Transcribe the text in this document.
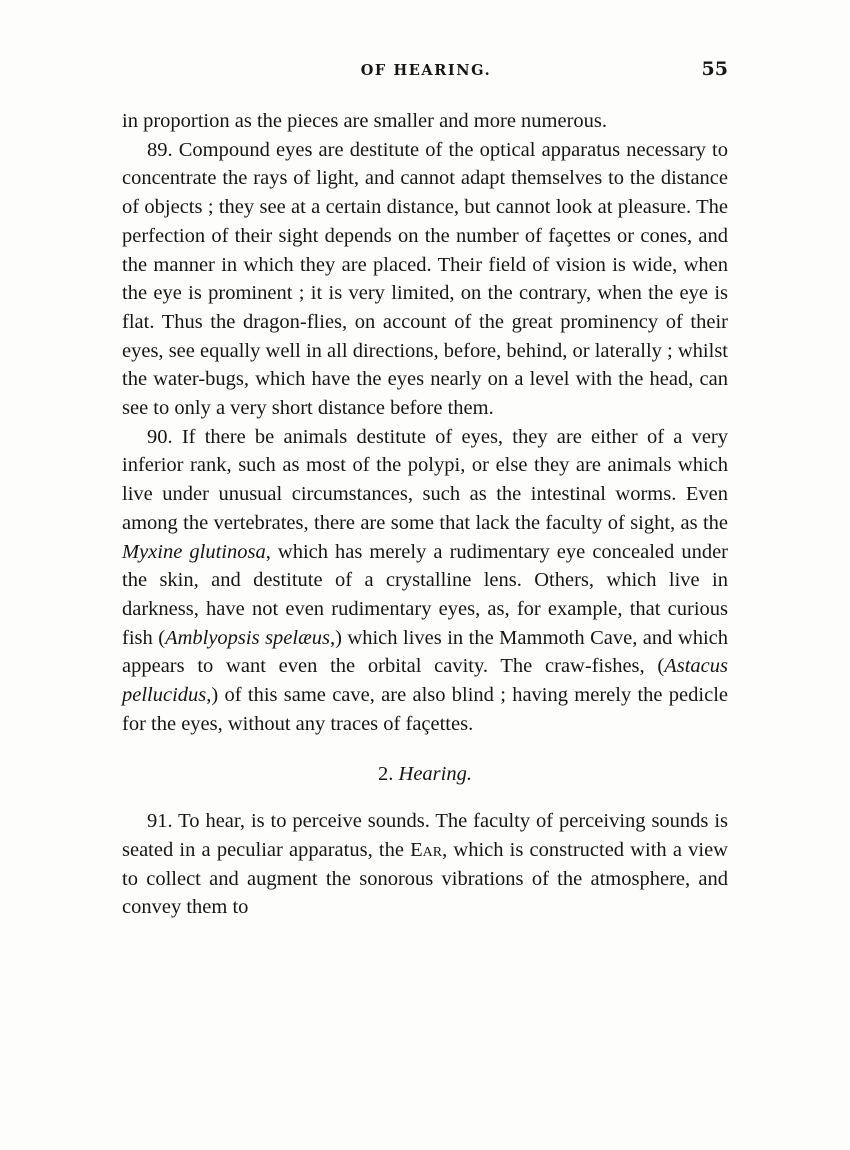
OF HEARING.	55

in proportion as the pieces are smaller and more numerous.

89. Compound eyes are destitute of the optical apparatus necessary to concentrate the rays of light, and cannot adapt themselves to the distance of objects ; they see at a certain distance, but cannot look at pleasure. The perfection of their sight depends on the number of façettes or cones, and the manner in which they are placed. Their field of vision is wide, when the eye is prominent ; it is very limited, on the contrary, when the eye is flat. Thus the dragon-flies, on account of the great prominency of their eyes, see equally well in all directions, before, behind, or laterally ; whilst the water-bugs, which have the eyes nearly on a level with the head, can see to only a very short distance before them.

90. If there be animals destitute of eyes, they are either of a very inferior rank, such as most of the polypi, or else they are animals which live under unusual circumstances, such as the intestinal worms. Even among the vertebrates, there are some that lack the faculty of sight, as the Myxine glutinosa, which has merely a rudimentary eye concealed under the skin, and destitute of a crystalline lens. Others, which live in darkness, have not even rudimentary eyes, as, for example, that curious fish (Amblyopsis spelæus,) which lives in the Mammoth Cave, and which appears to want even the orbital cavity. The craw-fishes, (Astacus pellucidus,) of this same cave, are also blind ; having merely the pedicle for the eyes, without any traces of façettes.

2. Hearing.

91. To hear, is to perceive sounds. The faculty of perceiving sounds is seated in a peculiar apparatus, the Ear, which is constructed with a view to collect and augment the sonorous vibrations of the atmosphere, and convey them to
